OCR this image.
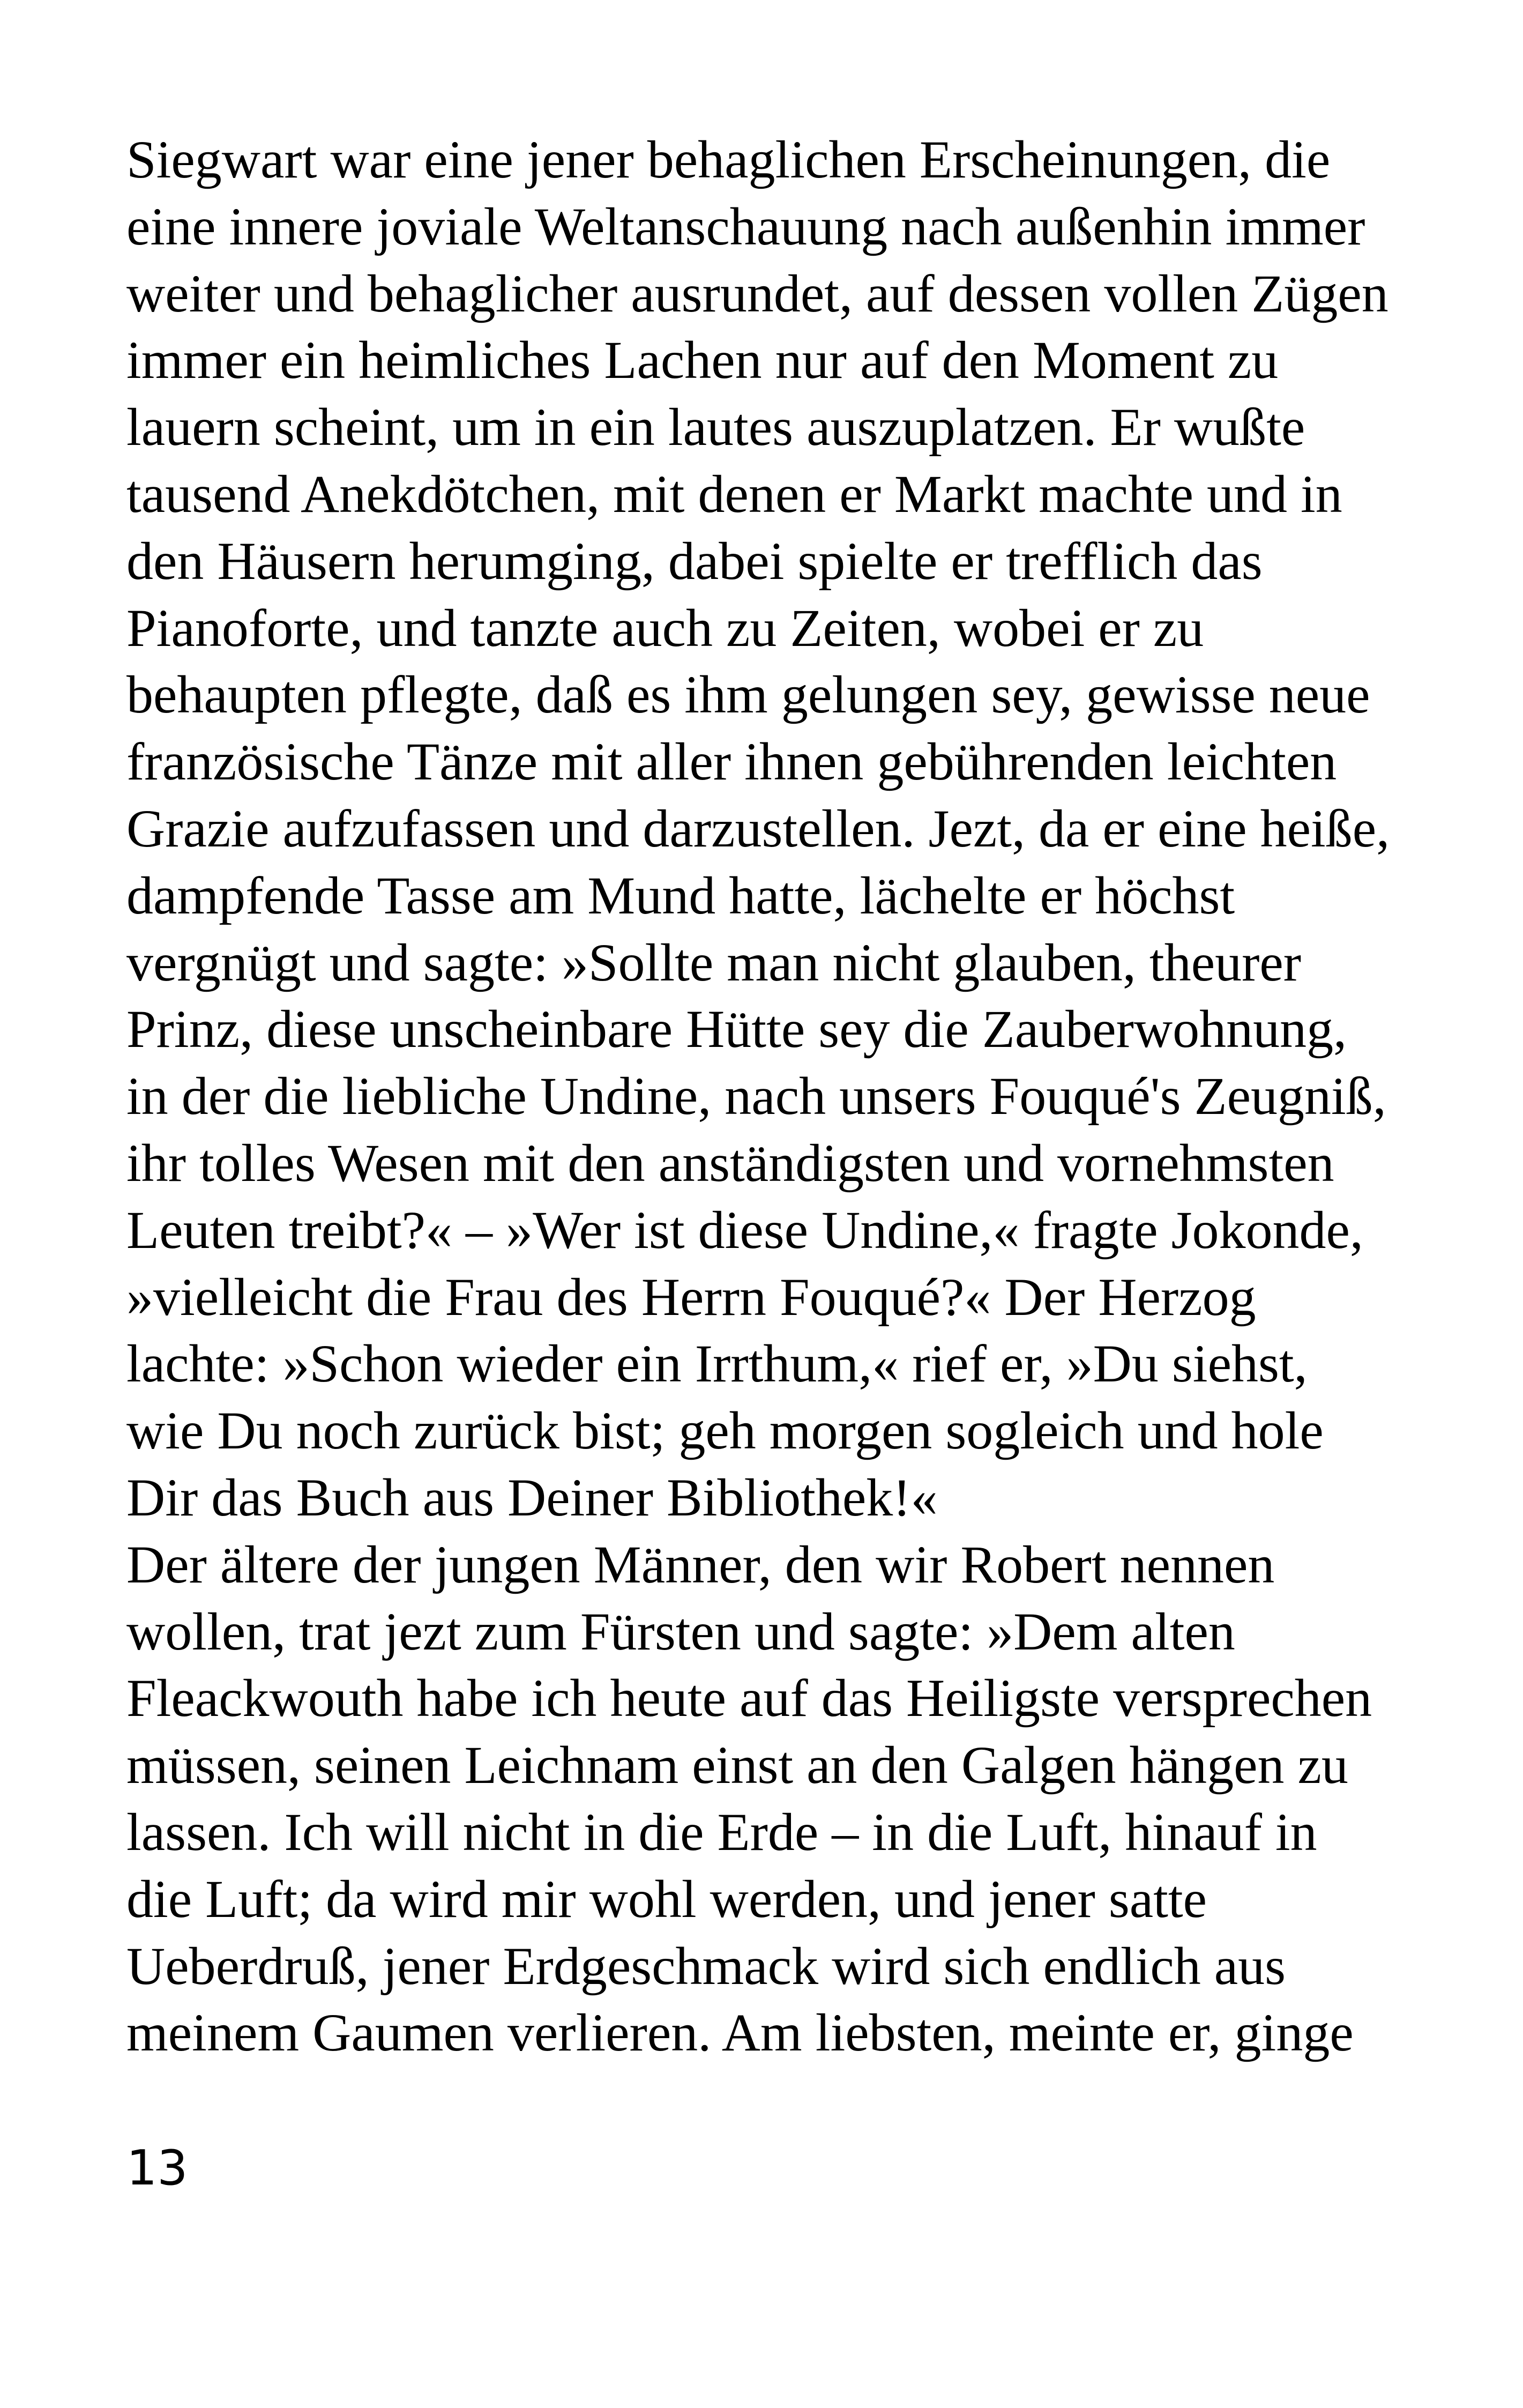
Siegwart war eine jener behaglichen Erscheinungen, die
eine innere joviale Weltanschauung nach außenhin immer
weiter und behaglicher ausrundet, auf dessen vollen Zügen
immer ein heimliches Lachen nur auf den Moment zu
lauern scheint, um in ein lautes auszuplatzen. Er wußte
tausend Anekdötchen, mit denen er Markt machte und in
den Häusern herumging, dabei spielte er trefflich das
Pianoforte, und tanzte auch zu Zeiten, wobei er zu
behaupten pflegte, daß es ihm gelungen sey, gewisse neue
französische Tänze mit aller ihnen gebührenden leichten
Grazie aufzufassen und darzustellen. Jezt, da er eine heiße,
dampfende Tasse am Mund hatte, lächelte er höchst
vergnügt und sagte: »Sollte man nicht glauben, theurer
Prinz, diese unscheinbare Hütte sey die Zauberwohnung,
in der die liebliche Undine, nach unsers Fouqué's Zeugniß,
ihr tolles Wesen mit den anständigsten und vornehmsten
Leuten treibt?« – »Wer ist diese Undine,« fragte Jokonde,
»vielleicht die Frau des Herrn Fouqué?« Der Herzog
lachte: »Schon wieder ein Irrthum,« rief er, »Du siehst,
wie Du noch zurück bist; geh morgen sogleich und hole
Dir das Buch aus Deiner Bibliothek!«
Der ältere der jungen Männer, den wir Robert nennen
wollen, trat jezt zum Fürsten und sagte: »Dem alten
Fleackwouth habe ich heute auf das Heiligste versprechen
müssen, seinen Leichnam einst an den Galgen hängen zu
lassen. Ich will nicht in die Erde – in die Luft, hinauf in
die Luft; da wird mir wohl werden, und jener satte
Ueberdruß, jener Erdgeschmack wird sich endlich aus
meinem Gaumen verlieren. Am liebsten, meinte er, ginge
13
